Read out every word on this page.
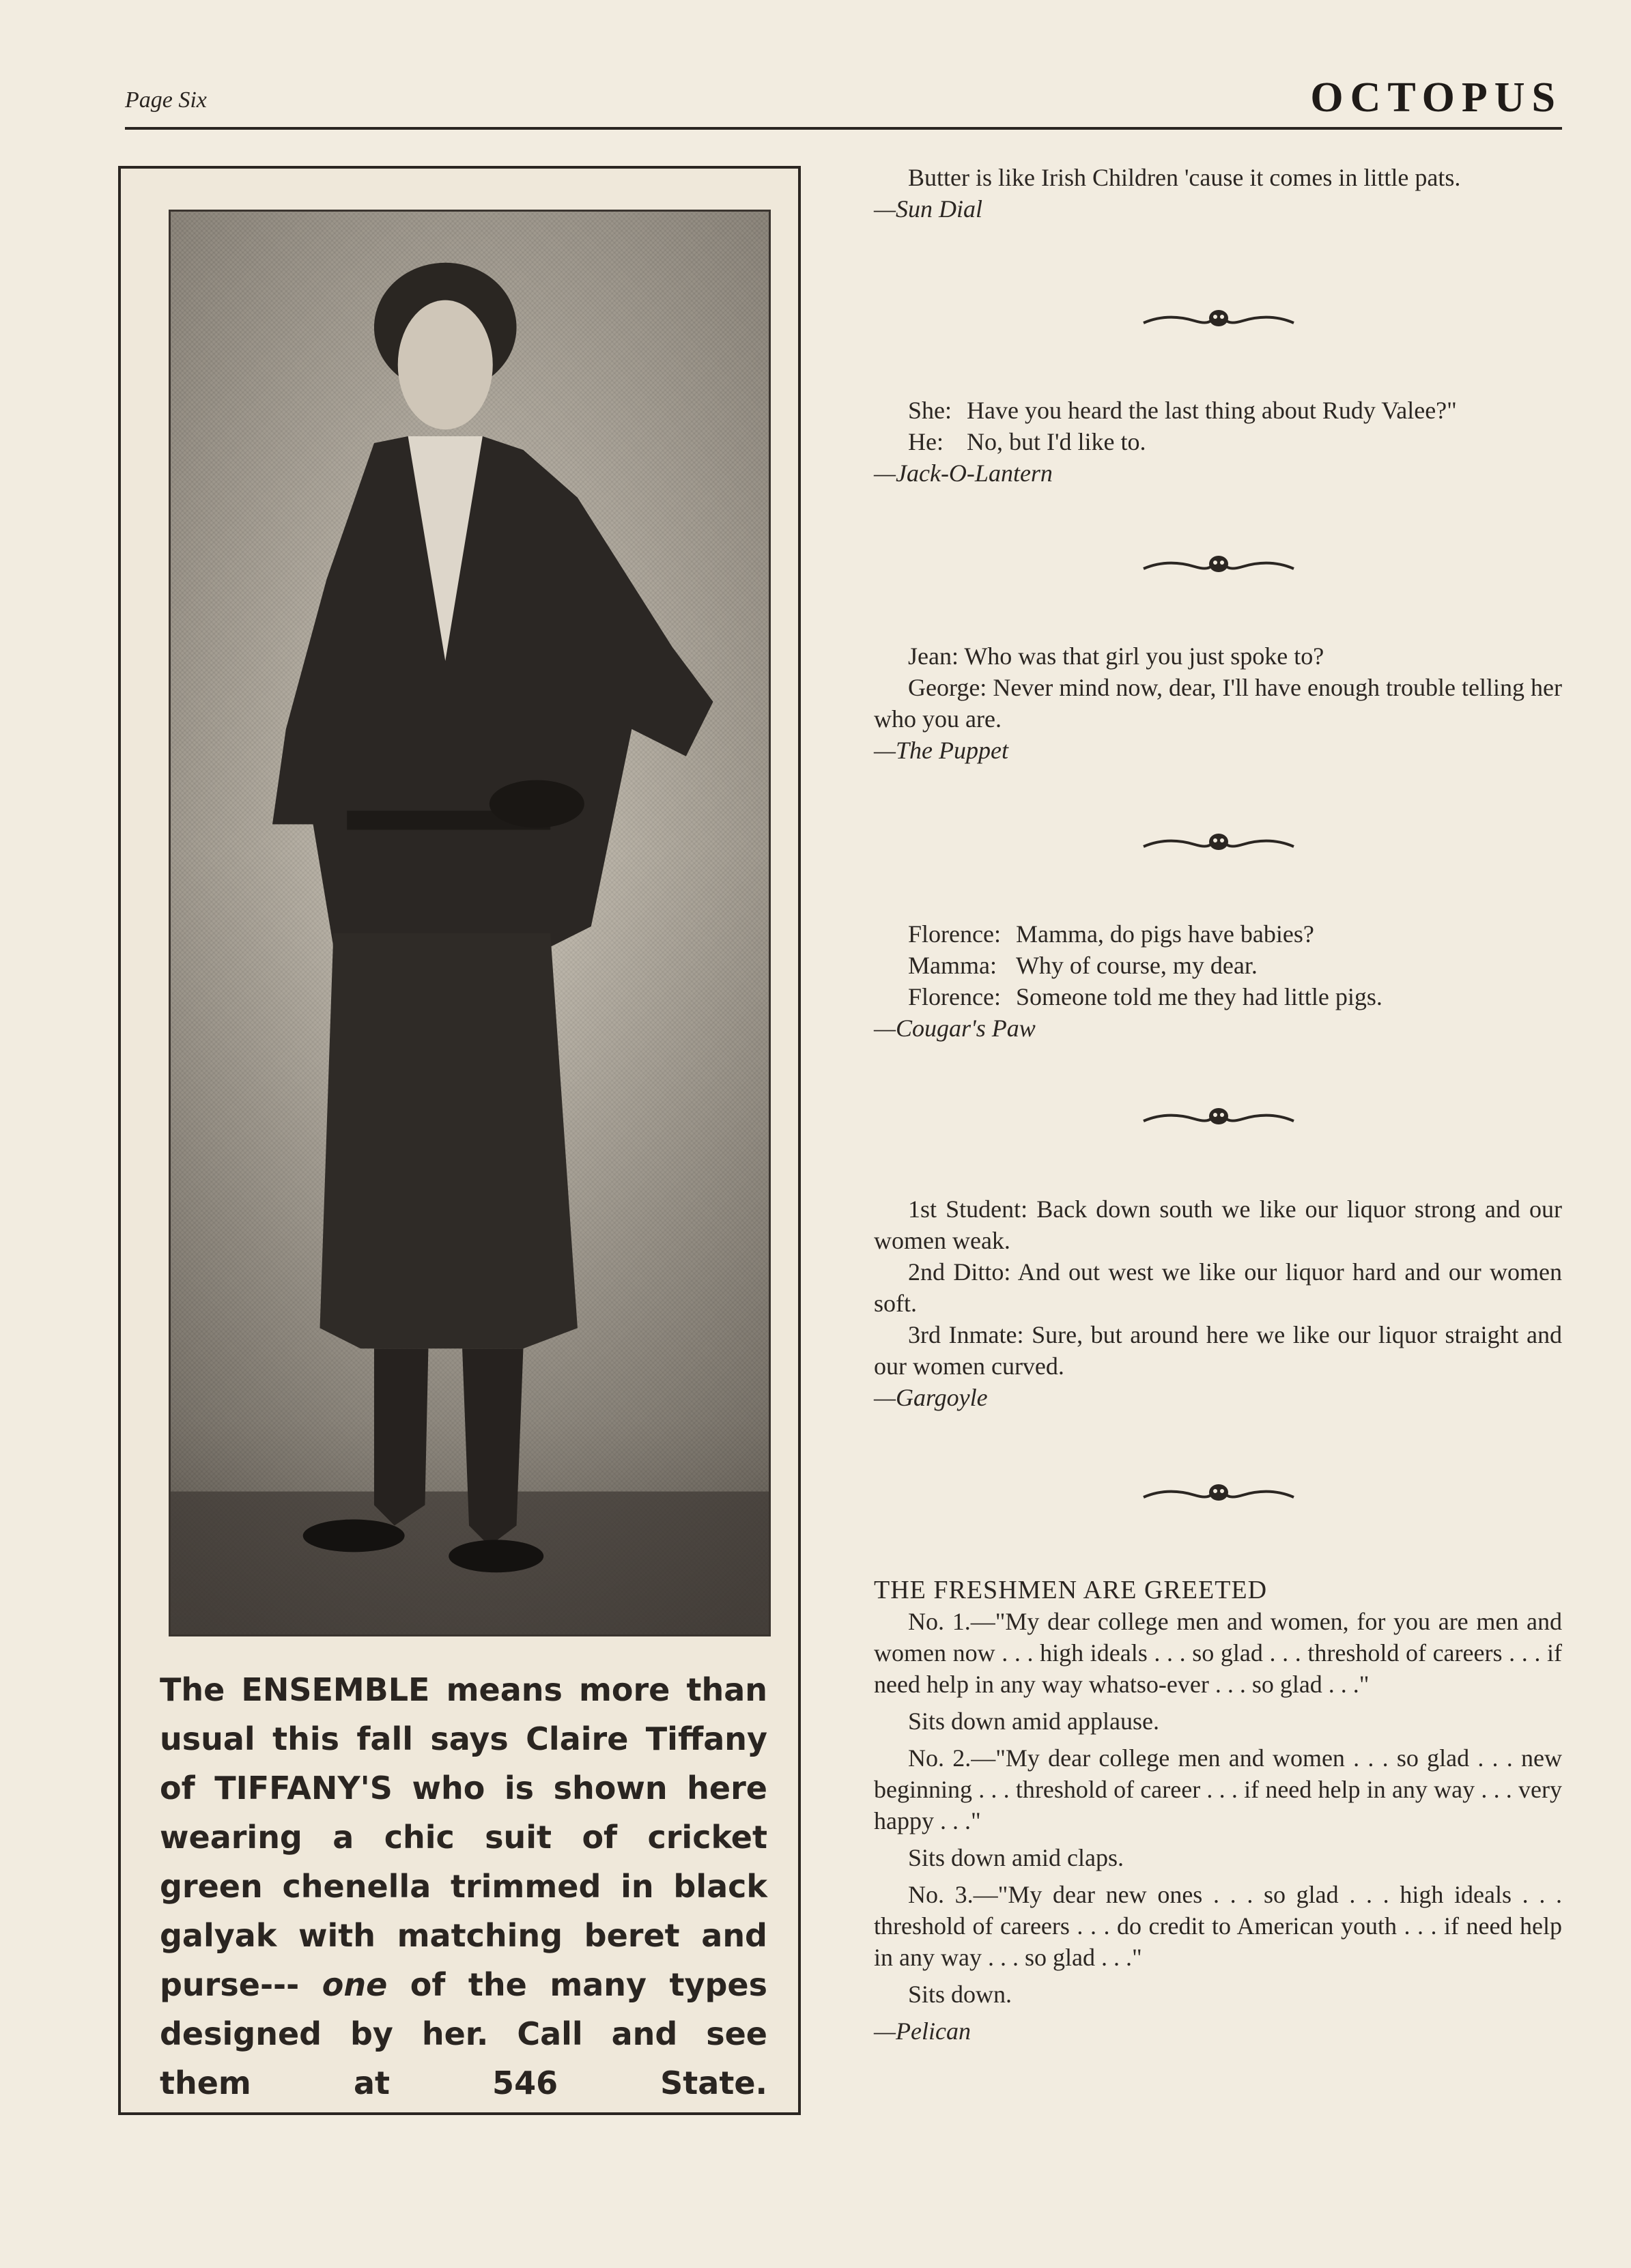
Page Six	OCTOPUS
The ENSEMBLE means more than usual this fall says Claire Tiffany of TIFFANY'S who is shown here wearing a chic suit of cricket green chenella trimmed in black galyak with matching beret and purse--- one of the many types designed by her. Call and see them at 546 State.

Butter is like Irish Children 'cause it comes in little pats.

—Sun Dial

She: Have you heard the last thing about Rudy Valee?"
He: No, but I'd like to.

—Jack-O-Lantern

Jean: Who was that girl you just spoke to?

George: Never mind now, dear, I'll have enough trouble telling her who you are.

—The Puppet

Florence: Mamma, do pigs have babies?
Mamma: Why of course, my dear.
Florence: Someone told me they had little pigs.

—Cougar's Paw

1st Student: Back down south we like our liquor strong and our women weak.

2nd Ditto: And out west we like our liquor hard and our women soft.

3rd Inmate: Sure, but around here we like our liquor straight and our women curved.

—Gargoyle

THE FRESHMEN ARE GREETED

No. 1.—"My dear college men and women, for you are men and women now . . . high ideals . . . so glad . . . threshold of careers . . . if need help in any way whatso-ever . . . so glad . . ."

Sits down amid applause.

No. 2.—"My dear college men and women . . . so glad . . . new beginning . . . threshold of career . . . if need help in any way . . . very happy . . ."

Sits down amid claps.

No. 3.—"My dear new ones . . . so glad . . . high ideals . . . threshold of careers . . . do credit to American youth . . . if need help in any way . . . so glad . . ."

Sits down.

—Pelican
